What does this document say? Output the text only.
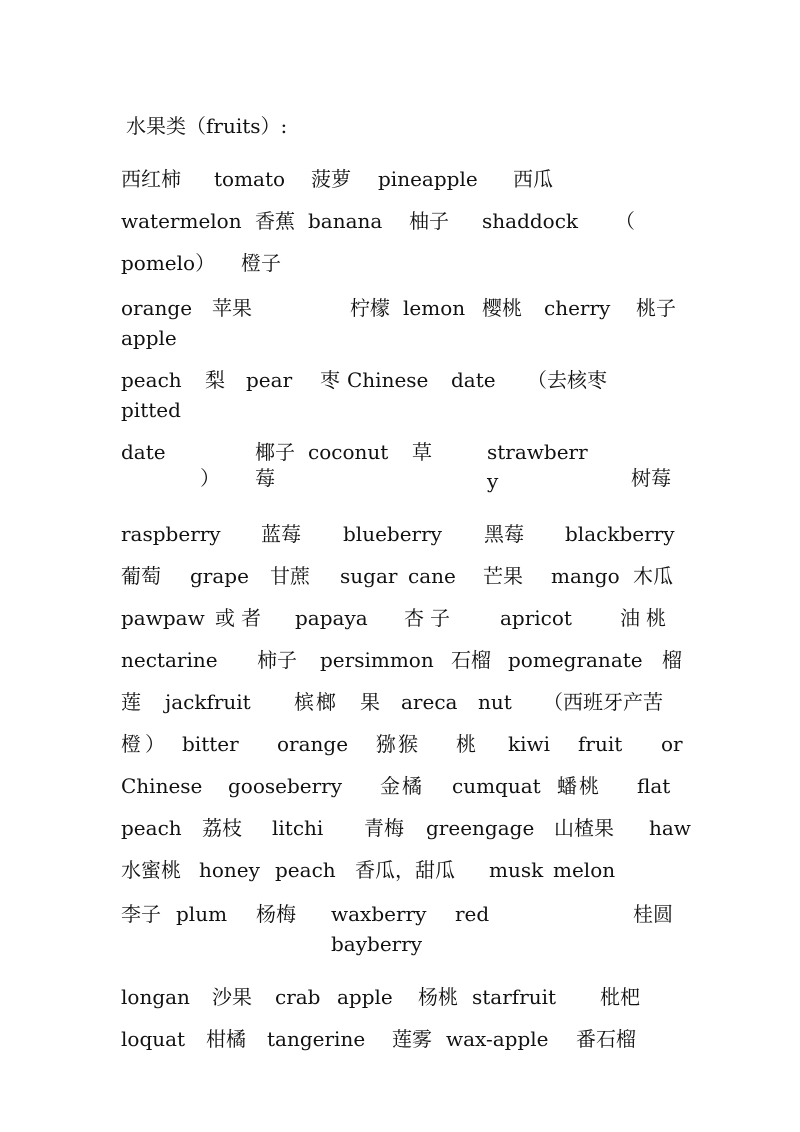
水果类（fruits）:
西红柿 tomato 菠萝 pineapple 西瓜
watermelon 香蕉 banana 柚子 shaddock （
pomelo） 橙子
orange 苹果	柠檬 lemon 樱桃 cherry 桃子
apple
peach 梨 pear 枣 Chinese date （去核枣
pitted
date	椰子 coconut 草	strawberr
） 莓	y	树莓
raspberry 蓝莓 blueberry 黑莓 blackberry
葡萄 grape 甘蔗 sugar cane 芒果 mango 木瓜
pawpaw 或者 papaya 杏子 apricot 油桃
nectarine 柿子 persimmon 石榴 pomegranate 榴
莲 jackfruit 槟榔 果 areca nut （西班牙产苦
橙） bitter orange 猕猴 桃 kiwi fruit or
Chinese gooseberry 金橘 cumquat 蟠桃 flat
peach 荔枝 litchi 青梅 greengage 山楂果 haw
水蜜桃 honey peach 香瓜，甜瓜 musk melon
李子 plum 杨梅 waxberry red	桂圆
bayberry
longan 沙果 crab apple 杨桃 starfruit 枇杷
loquat 柑橘 tangerine 莲雾 wax-apple 番石榴
